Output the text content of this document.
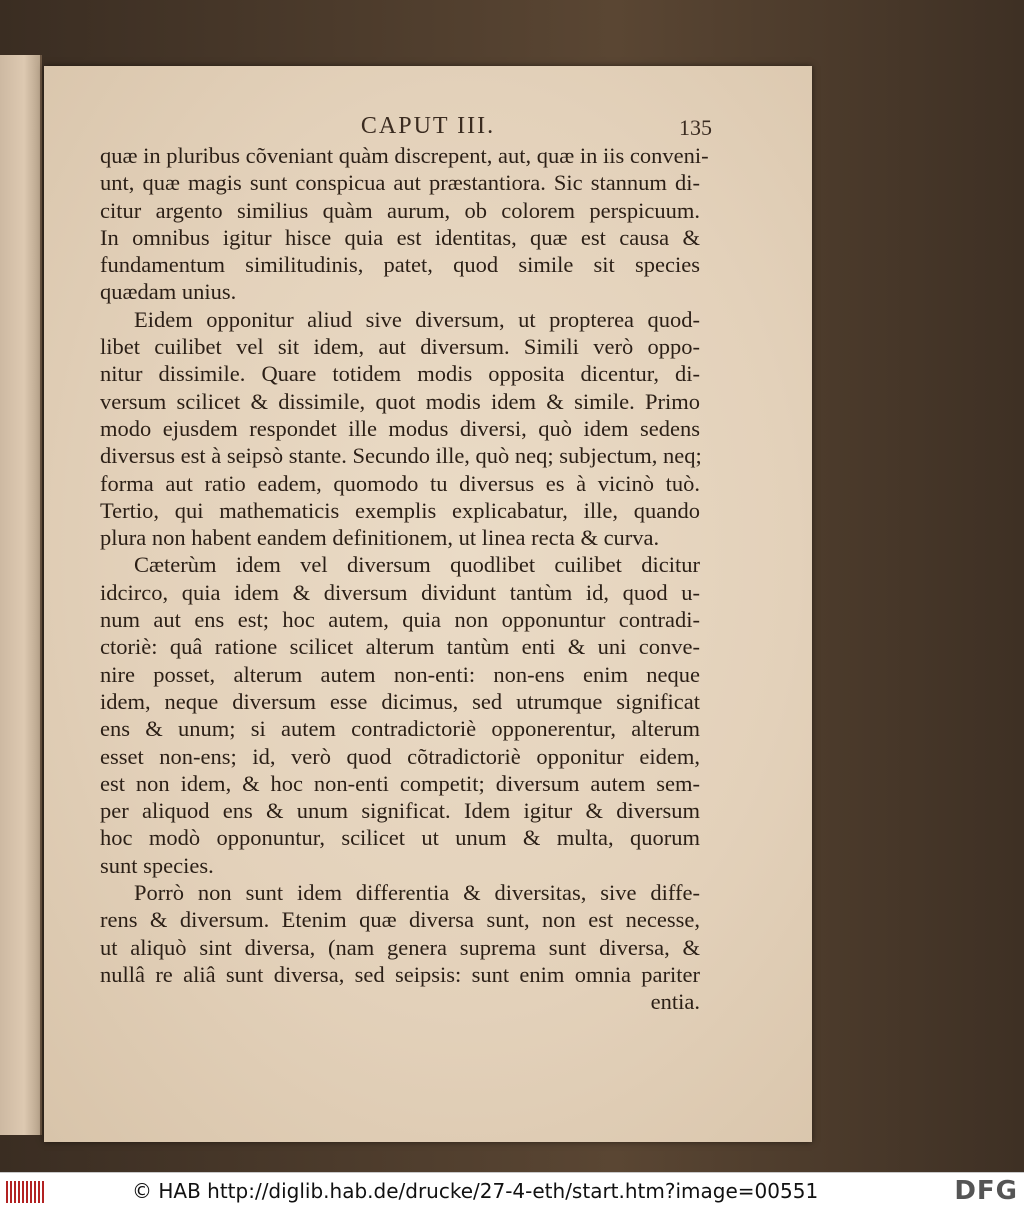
CAPUT III.	135
quæ in pluribus cõveniant quàm discrepent, aut, quæ in iis conveni-
unt, quæ magis sunt conspicua aut præstantiora. Sic stannum di-
citur argento similius quàm aurum, ob colorem perspicuum.
In omnibus igitur hisce quia est identitas, quæ est causa &
fundamentum similitudinis, patet, quod simile sit species
quædam unius.
Eidem opponitur aliud sive diversum, ut propterea quod-
libet cuilibet vel sit idem, aut diversum. Simili verò oppo-
nitur dissimile. Quare totidem modis opposita dicentur, di-
versum scilicet & dissimile, quot modis idem & simile. Primo
modo ejusdem respondet ille modus diversi, quò idem sedens
diversus est à seipsò stante. Secundo ille, quò neq; subjectum, neq;
forma aut ratio eadem, quomodo tu diversus es à vicinò tuò.
Tertio, qui mathematicis exemplis explicabatur, ille, quando
plura non habent eandem definitionem, ut linea recta & curva.
Cæterùm idem vel diversum quodlibet cuilibet dicitur
idcirco, quia idem & diversum dividunt tantùm id, quod u-
num aut ens est; hoc autem, quia non opponuntur contradi-
ctoriè: quâ ratione scilicet alterum tantùm enti & uni conve-
nire posset, alterum autem non-enti: non-ens enim neque
idem, neque diversum esse dicimus, sed utrumque significat
ens & unum; si autem contradictoriè opponerentur, alterum
esset non-ens; id, verò quod cõtradictoriè opponitur eidem,
est non idem, & hoc non-enti competit; diversum autem sem-
per aliquod ens & unum significat. Idem igitur & diversum
hoc modò opponuntur, scilicet ut unum & multa, quorum
sunt species.
Porrò non sunt idem differentia & diversitas, sive diffe-
rens & diversum. Etenim quæ diversa sunt, non est necesse,
ut aliquò sint diversa, (nam genera suprema sunt diversa, &
nullâ re aliâ sunt diversa, sed seipsis: sunt enim omnia pariter
entia.
© HAB http://diglib.hab.de/drucke/27-4-eth/start.htm?image=00551	DFG
